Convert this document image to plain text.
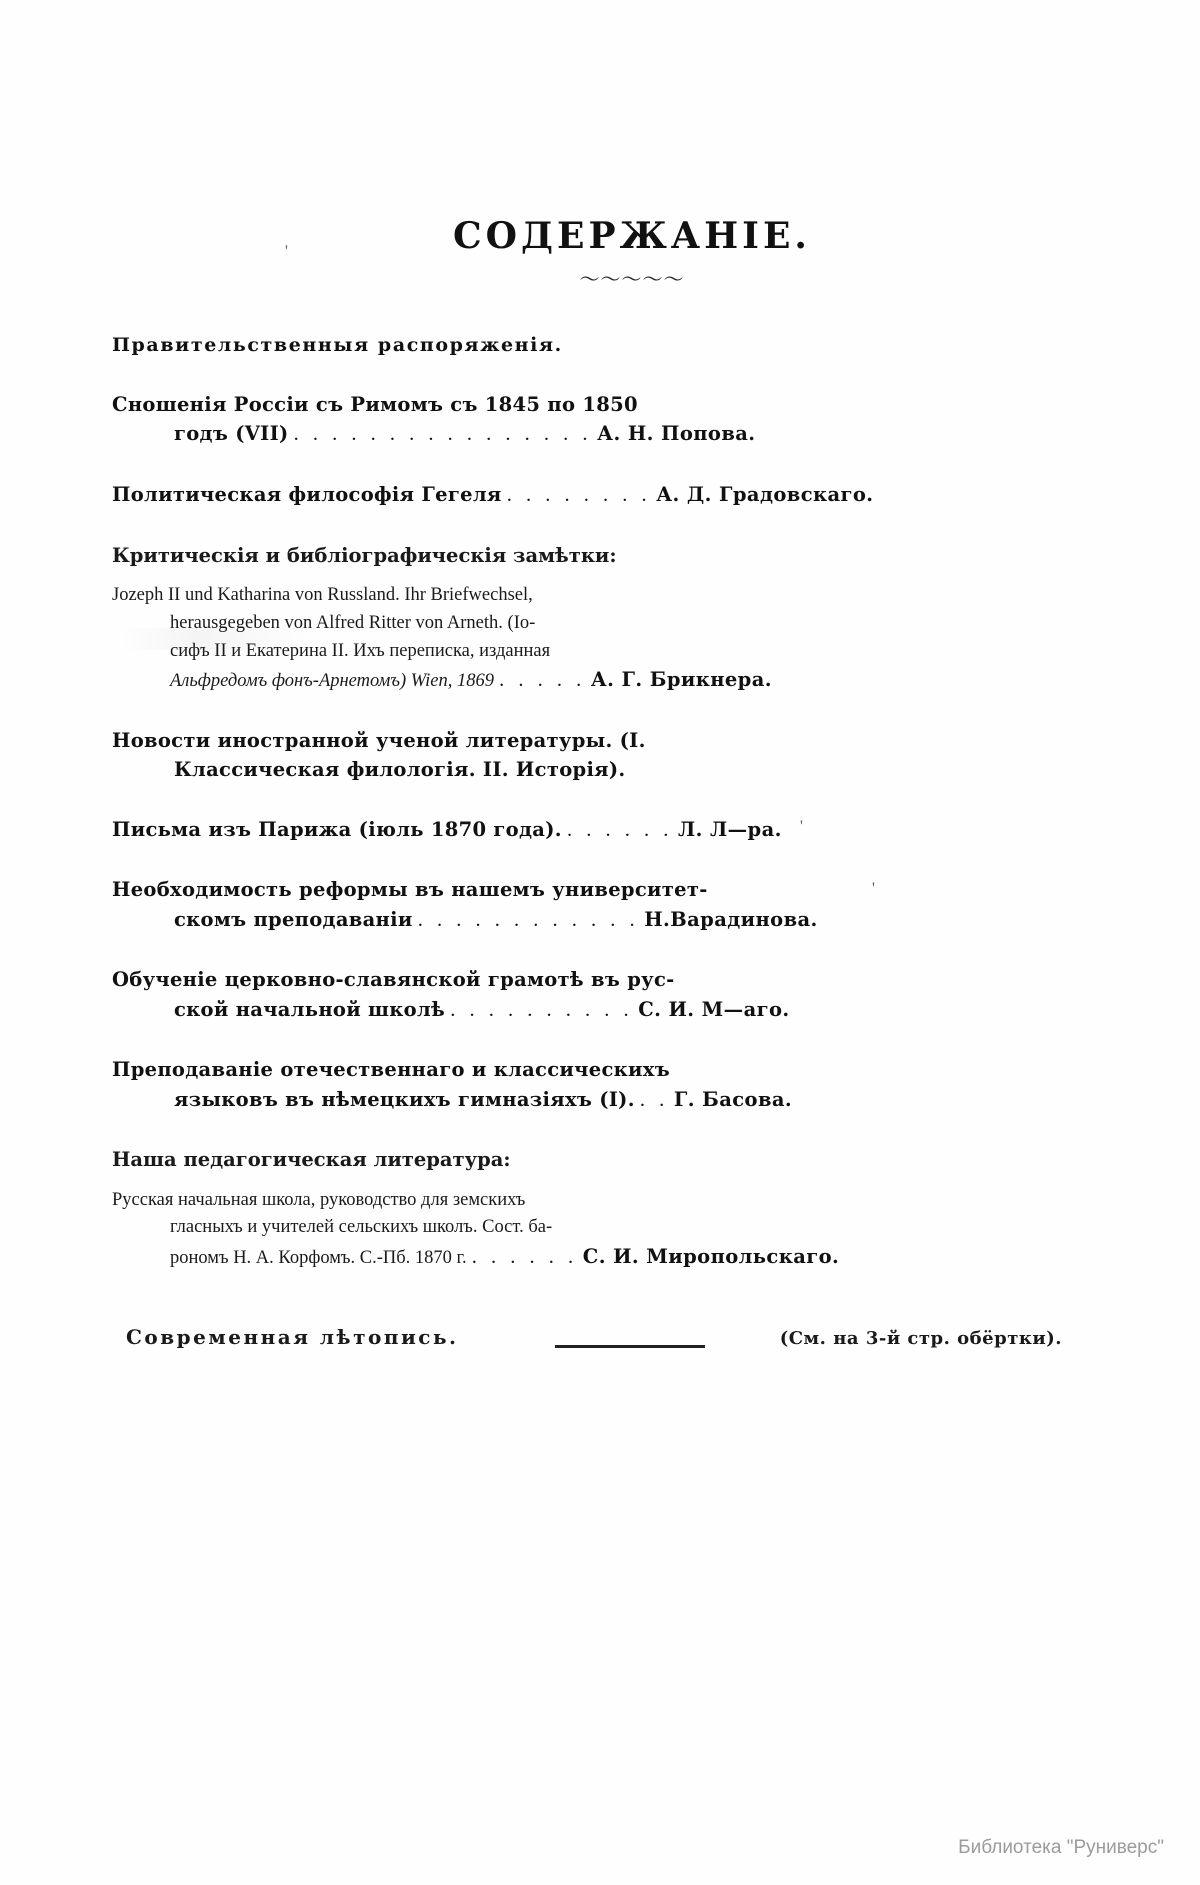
'
'
'
СОДЕРЖАНІЕ.
〜〜〜〜〜
Правительственныя распоряженія.
Сношенія Россіи съ Римомъ съ 1845 по 1850
годъ (VII) . . . . . . . . . . . . . . . . А. Н. Попова.
Политическая философія Гегеля . . . . . . . . А. Д. Градовскаго.
Критическія и библіографическія замѣтки:
Jozeph II und Katharina von Russland. Ihr Briefwechsel,
herausgegeben von Alfred Ritter von Arneth. (Іо-
сифъ II и Екатерина II. Ихъ переписка, изданная
Альфредомъ фонъ-Арнетомъ) Wien, 1869 . . . . . А. Г. Брикнера.
Новости иностранной ученой литературы. (I.
Классическая филологія. II. Исторія).
Письма изъ Парижа (іюль 1870 года). . . . . . . Л. Л—ра.
Необходимость реформы въ нашемъ университет-
скомъ преподаваніи . . . . . . . . . . . . Н.Варадинова.
Обученіе церковно-славянской грамотѣ въ рус-
ской начальной школѣ . . . . . . . . . . С. И. М—аго.
Преподаваніе отечественнаго и классическихъ
языковъ въ нѣмецкихъ гимназіяхъ (I). . . Г. Басова.
Наша педагогическая литература:
Русская начальная школа, руководство для земскихъ
гласныхъ и учителей сельскихъ школъ. Сост. ба-
рономъ Н. А. Корфомъ. С.-Пб. 1870 г. . . . . . . С. И. Миропольскаго.
Современная лѣтопись.	(См. на 3-й стр. обёртки).
Библиотека "Руниверс"
